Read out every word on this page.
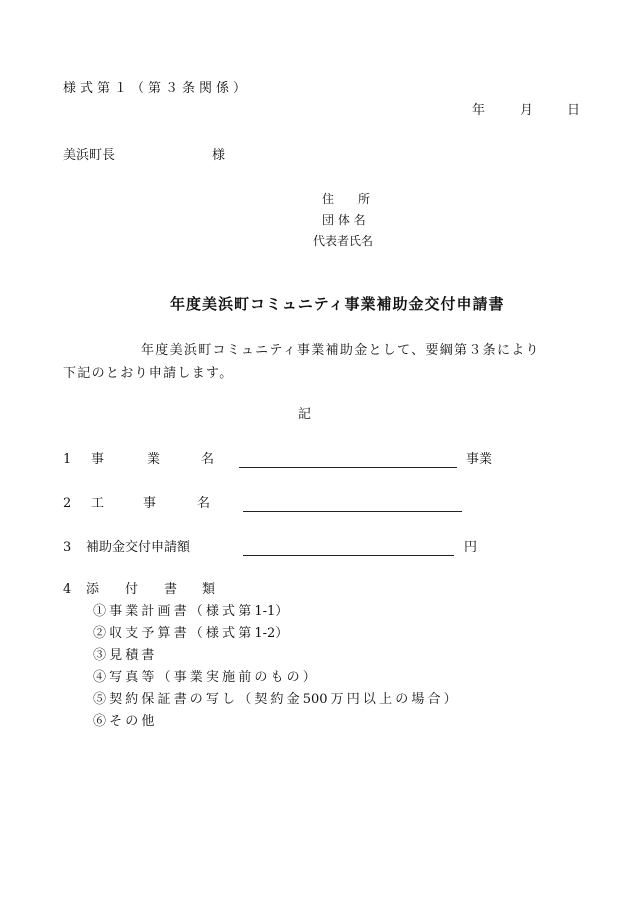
様式第１（第３条関係）
年	月	日
美浜町長	様
住　　所
団 体 名
代表者氏名
年度美浜町コミュニティ事業補助金交付申請書
年度美浜町コミュニティ事業補助金として、要綱第３条により
下記のとおり申請します。
記
1 事	業	名	事業
2 工	事	名
3 補助金交付申請額	円
4 添 付 書 類
① 事 業 計 画 書 （ 様 式 第 1-1）
② 収 支 予 算 書 （ 様 式 第 1-2）
③ 見 積 書
④ 写 真 等 （ 事 業 実 施 前 の も の ）
⑤ 契 約 保 証 書 の 写 し （ 契 約 金 500 万 円 以 上 の 場 合 ）
⑥ そ の 他
